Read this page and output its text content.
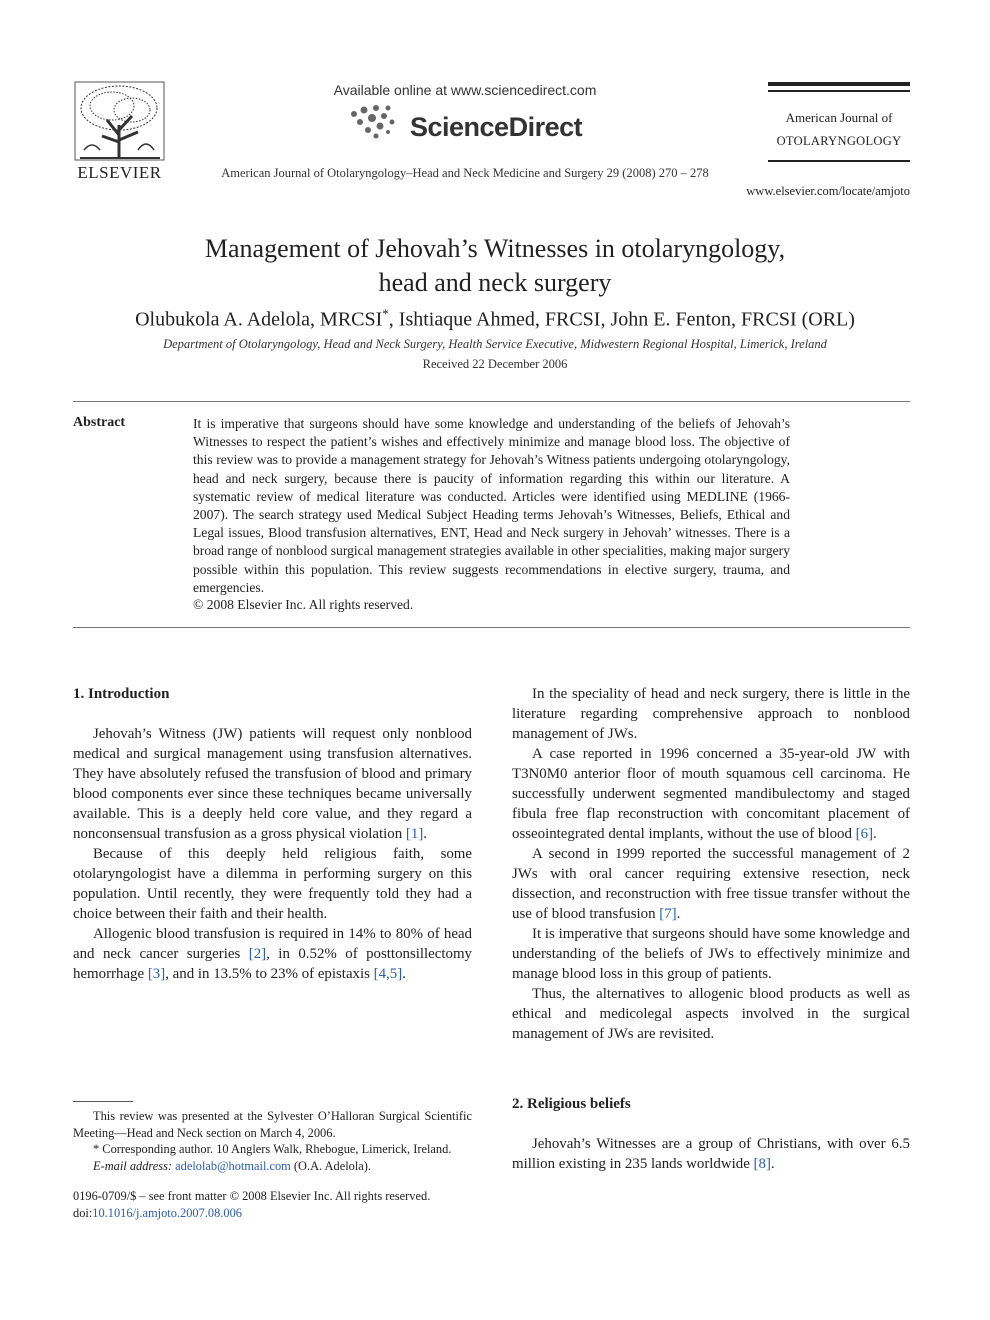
ELSEVIER
Available online at www.sciencedirect.com
ScienceDirect
American Journal of Otolaryngology–Head and Neck Medicine and Surgery 29 (2008) 270 – 278
American Journal of
OTOLARYNGOLOGY
www.elsevier.com/locate/amjoto
Management of Jehovah’s Witnesses in otolaryngology,
head and neck surgery
Olubukola A. Adelola, MRCSI*, Ishtiaque Ahmed, FRCSI, John E. Fenton, FRCSI (ORL)
Department of Otolaryngology, Head and Neck Surgery, Health Service Executive, Midwestern Regional Hospital, Limerick, Ireland
Received 22 December 2006
Abstract	It is imperative that surgeons should have some knowledge and understanding of the beliefs of Jehovah’s Witnesses to respect the patient’s wishes and effectively minimize and manage blood loss. The objective of this review was to provide a management strategy for Jehovah’s Witness patients undergoing otolaryngology, head and neck surgery, because there is paucity of information regarding this within our literature. A systematic review of medical literature was conducted. Articles were identified using MEDLINE (1966-2007). The search strategy used Medical Subject Heading terms Jehovah’s Witnesses, Beliefs, Ethical and Legal issues, Blood transfusion alternatives, ENT, Head and Neck surgery in Jehovah’ witnesses. There is a broad range of nonblood surgical management strategies available in other specialities, making major surgery possible within this population. This review suggests recommendations in elective surgery, trauma, and emergencies.
© 2008 Elsevier Inc. All rights reserved.
1. Introduction

Jehovah’s Witness (JW) patients will request only nonblood medical and surgical management using transfusion alternatives. They have absolutely refused the transfusion of blood and primary blood components ever since these techniques became universally available. This is a deeply held core value, and they regard a nonconsensual transfusion as a gross physical violation [1].

Because of this deeply held religious faith, some otolaryngologist have a dilemma in performing surgery on this population. Until recently, they were frequently told they had a choice between their faith and their health.

Allogenic blood transfusion is required in 14% to 80% of head and neck cancer surgeries [2], in 0.52% of posttonsillectomy hemorrhage [3], and in 13.5% to 23% of epistaxis [4,5].

This review was presented at the Sylvester O’Halloran Surgical Scientific Meeting—Head and Neck section on March 4, 2006.

* Corresponding author. 10 Anglers Walk, Rhebogue, Limerick, Ireland.

E-mail address: adelolab@hotmail.com (O.A. Adelola).

0196-0709/$ – see front matter © 2008 Elsevier Inc. All rights reserved.
doi:10.1016/j.amjoto.2007.08.006

In the speciality of head and neck surgery, there is little in the literature regarding comprehensive approach to nonblood management of JWs.

A case reported in 1996 concerned a 35-year-old JW with T3N0M0 anterior floor of mouth squamous cell carcinoma. He successfully underwent segmented mandibulectomy and staged fibula free flap reconstruction with concomitant placement of osseointegrated dental implants, without the use of blood [6].

A second in 1999 reported the successful management of 2 JWs with oral cancer requiring extensive resection, neck dissection, and reconstruction with free tissue transfer without the use of blood transfusion [7].

It is imperative that surgeons should have some knowledge and understanding of the beliefs of JWs to effectively minimize and manage blood loss in this group of patients.

Thus, the alternatives to allogenic blood products as well as ethical and medicolegal aspects involved in the surgical management of JWs are revisited.

2. Religious beliefs

Jehovah’s Witnesses are a group of Christians, with over 6.5 million existing in 235 lands worldwide [8].
